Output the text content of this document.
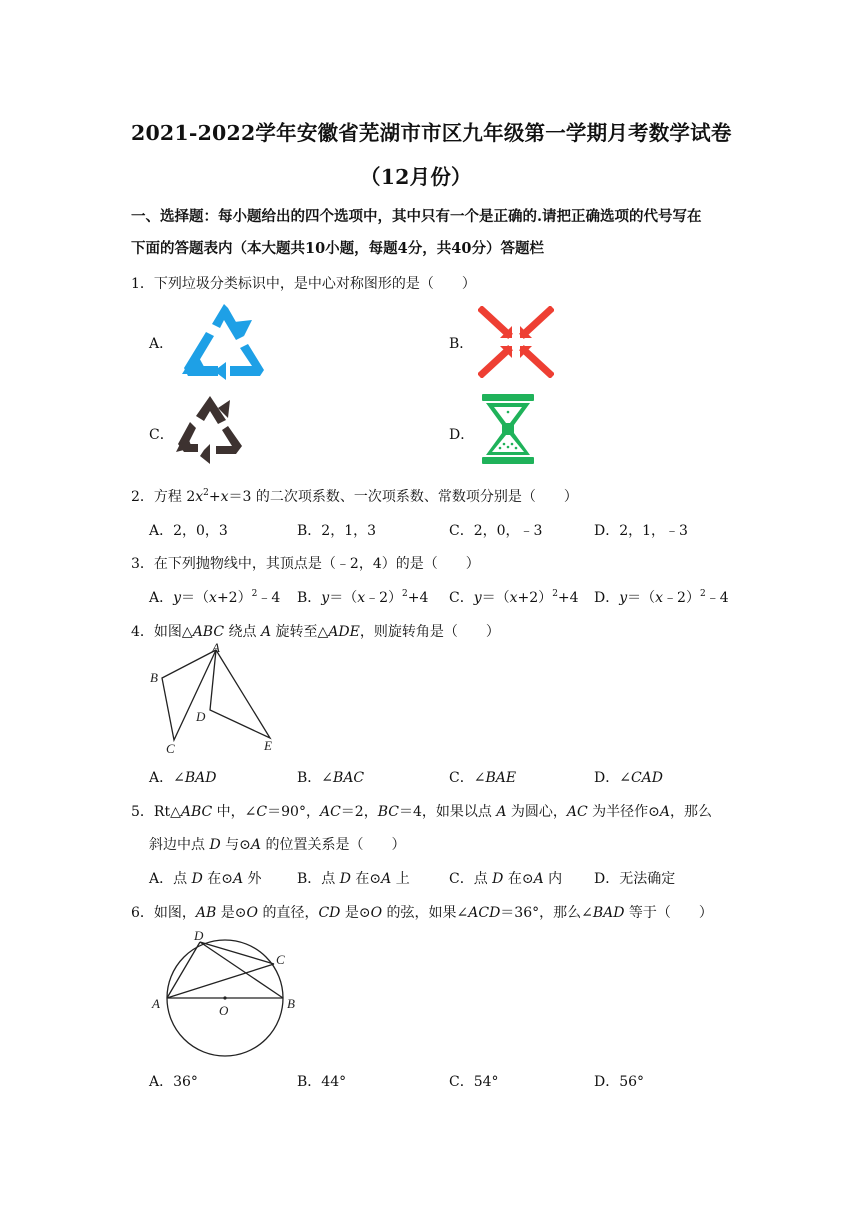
2021-2022学年安徽省芜湖市市区九年级第一学期月考数学试卷
（12月份）
一、选择题：每小题给出的四个选项中，其中只有一个是正确的.请把正确选项的代号写在
下面的答题表内（本大题共10小题，每题4分，共40分）答题栏
1．下列垃圾分类标识中，是中心对称图形的是（　　）
A．	B．
C．	D．
2．方程 $2x^2+x=3$ 的二次项系数、一次项系数、常数项分别是（　　）
A．2，0，3	B．2，1，3	C．2，0，﹣3	D．2，1，﹣3
3．在下列抛物线中，其顶点是（﹣2，4）的是（　　）
A．$y=(x+2)^2﹣4$ B．y＝（x﹣2）$^2$+4 C．$y=(x+2)^2+4$ D．y＝（x﹣2）$^2$﹣4
4．如图△ABC 绕点 A 旋转至△ADE，则旋转角是（　　）
A
B
C
D
E
A．∠BAD	B．∠BAC	C．∠BAE	D．∠CAD
5．Rt△ABC 中，∠C＝90°，AC＝2，BC＝4，如果以点 A 为圆心，AC 为半径作⊙A，那么
斜边中点 D 与⊙A 的位置关系是（　　）
A．点 D 在⊙A 外	B．点 D 在⊙A 上	C．点 D 在⊙A 内 D．无法确定
6．如图，AB 是⊙O 的直径，CD 是⊙O 的弦，如果∠ACD＝36°，那么∠BAD 等于（　　）
A	B
C
D
O
A．36°	B．44°	C．54°	D．56°
